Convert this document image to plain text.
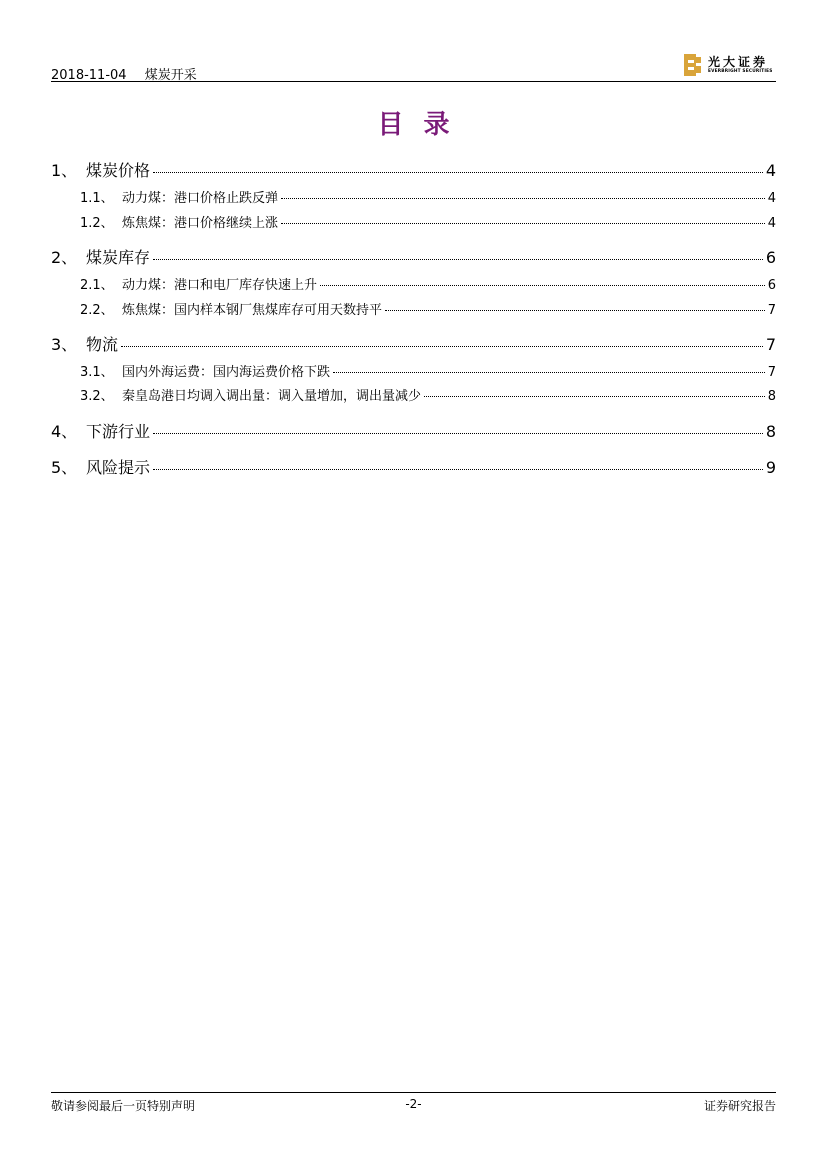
2018-11-04 煤炭开采
光大证券
EVERBRIGHT SECURITIES
目录
1、 煤炭价格	4
1.1、 动力煤：港口价格止跌反弹	4
1.2、 炼焦煤：港口价格继续上涨	4
2、 煤炭库存	6
2.1、 动力煤：港口和电厂库存快速上升	6
2.2、 炼焦煤：国内样本钢厂焦煤库存可用天数持平	7
3、 物流	7
3.1、 国内外海运费：国内海运费价格下跌	7
3.2、 秦皇岛港日均调入调出量：调入量增加，调出量减少	8
4、 下游行业	8
5、 风险提示	9
敬请参阅最后一页特别声明	-2-	证券研究报告
